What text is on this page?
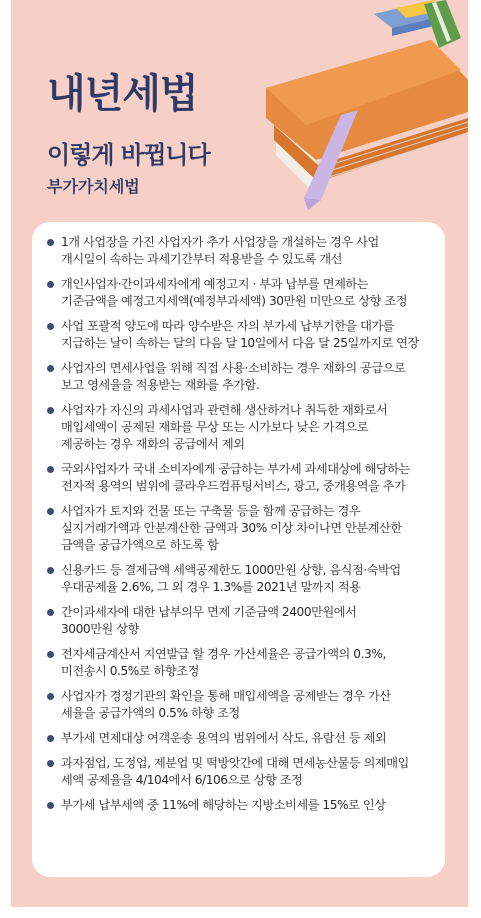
내년세법
이렇게 바뀝니다
부가가치세법
1개 사업장을 가진 사업자가 추가 사업장을 개설하는 경우 사업
개시일이 속하는 과세기간부터 적용받을 수 있도록 개선
개인사업자·간이과세자에게 예정고지 · 부과 납부를 면제하는
기준금액을 예정고지세액(예정부과세액) 30만원 미만으로 상향 조정
사업 포괄적 양도에 따라 양수받은 자의 부가세 납부기한을 대가를
지급하는 날이 속하는 달의 다음 달 10일에서 다음 달 25일까지로 연장
사업자의 면세사업을 위해 직접 사용·소비하는 경우 재화의 공급으로
보고 영세율을 적용받는 재화를 추가함.
사업자가 자신의 과세사업과 관련해 생산하거나 취득한 재화로서
매입세액이 공제된 재화를 무상 또는 시가보다 낮은 가격으로
제공하는 경우 재화의 공급에서 제외
국외사업자가 국내 소비자에게 공급하는 부가세 과세대상에 해당하는
전자적 용역의 범위에 클라우드컴퓨팅서비스, 광고, 중개용역을 추가
사업자가 토지와 건물 또는 구축물 등을 함께 공급하는 경우
실지거래가액과 안분계산한 금액과 30% 이상 차이나면 안분계산한
금액을 공급가액으로 하도록 함
신용카드 등 결제금액 세액공제한도 1000만원 상향, 음식점·숙박업
우대공제율 2.6%, 그 외 경우 1.3%를 2021년 말까지 적용
간이과세자에 대한 납부의무 면제 기준금액 2400만원에서
3000만원 상향
전자세금계산서 지연발급 할 경우 가산세율은 공급가액의 0.3%,
미전송시 0.5%로 하향조정
사업자가 경정기관의 확인을 통해 매입세액을 공제받는 경우 가산
세율을 공급가액의 0.5% 하향 조정
부가세 면제대상 여객운송 용역의 범위에서 삭도, 유람선 등 제외
과자점업, 도정업, 제분업 및 떡방앗간에 대해 면세농산물등 의제매입
세액 공제율을 4/104에서 6/106으로 상향 조정
부가세 납부세액 중 11%에 해당하는 지방소비세를 15%로 인상
